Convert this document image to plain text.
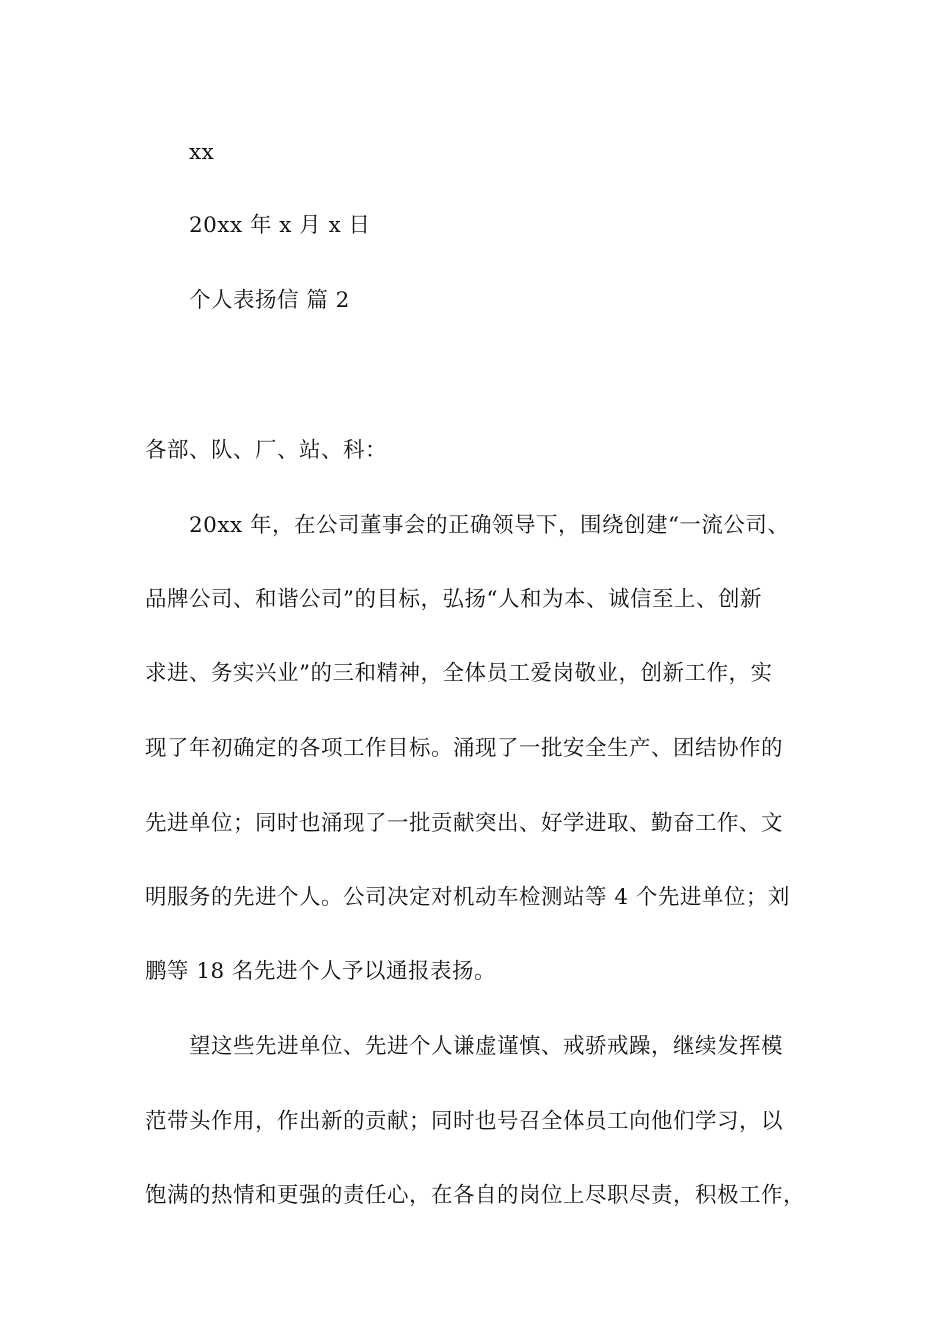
xx
20xx 年 x 月 x 日
个人表扬信 篇 2
各部、队、厂、站、科：
20xx 年，在公司董事会的正确领导下，围绕创建“一流公司、
品牌公司、和谐公司”的目标，弘扬“人和为本、诚信至上、创新
求进、务实兴业”的三和精神，全体员工爱岗敬业，创新工作，实
现了年初确定的各项工作目标。涌现了一批安全生产、团结协作的
先进单位；同时也涌现了一批贡献突出、好学进取、勤奋工作、文
明服务的先进个人。公司决定对机动车检测站等 4 个先进单位；刘
鹏等 18 名先进个人予以通报表扬。
望这些先进单位、先进个人谦虚谨慎、戒骄戒躁，继续发挥模
范带头作用，作出新的贡献；同时也号召全体员工向他们学习，以
饱满的热情和更强的责任心，在各自的岗位上尽职尽责，积极工作，
